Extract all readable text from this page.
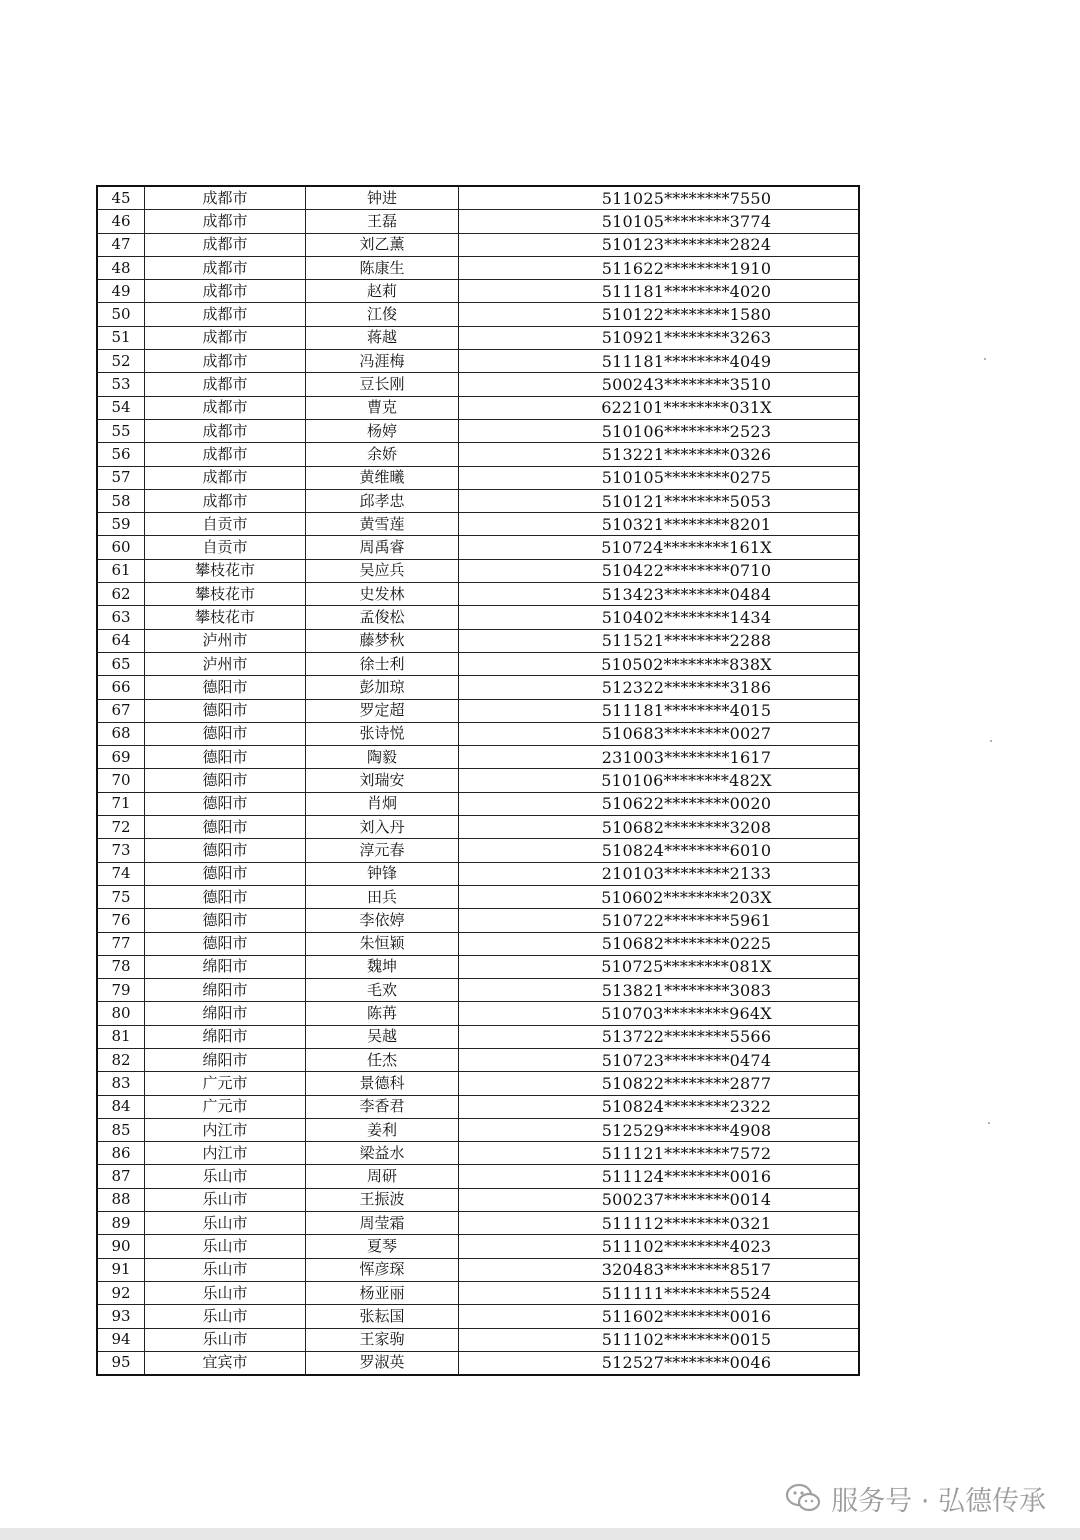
45	成都市	钟进	511025********7550
46	成都市	王磊	510105********3774
47	成都市	刘乙薰	510123********2824
48	成都市	陈康生	511622********1910
49	成都市	赵莉	511181********4020
50	成都市	江俊	510122********1580
51	成都市	蒋越	510921********3263
52	成都市	冯涯梅	511181********4049
53	成都市	豆长刚	500243********3510
54	成都市	曹克	622101********031X
55	成都市	杨婷	510106********2523
56	成都市	余娇	513221********0326
57	成都市	黄维曦	510105********0275
58	成都市	邱孝忠	510121********5053
59	自贡市	黄雪莲	510321********8201
60	自贡市	周禹睿	510724********161X
61	攀枝花市	吴应兵	510422********0710
62	攀枝花市	史发林	513423********0484
63	攀枝花市	孟俊松	510402********1434
64	泸州市	藤梦秋	511521********2288
65	泸州市	徐士利	510502********838X
66	德阳市	彭加琼	512322********3186
67	德阳市	罗定超	511181********4015
68	德阳市	张诗悦	510683********0027
69	德阳市	陶毅	231003********1617
70	德阳市	刘瑞安	510106********482X
71	德阳市	肖炯	510622********0020
72	德阳市	刘入丹	510682********3208
73	德阳市	淳元春	510824********6010
74	德阳市	钟锋	210103********2133
75	德阳市	田兵	510602********203X
76	德阳市	李依婷	510722********5961
77	德阳市	朱恒颖	510682********0225
78	绵阳市	魏坤	510725********081X
79	绵阳市	毛欢	513821********3083
80	绵阳市	陈苒	510703********964X
81	绵阳市	吴越	513722********5566
82	绵阳市	任杰	510723********0474
83	广元市	景德科	510822********2877
84	广元市	李香君	510824********2322
85	内江市	姜利	512529********4908
86	内江市	梁益水	511121********7572
87	乐山市	周研	511124********0016
88	乐山市	王振波	500237********0014
89	乐山市	周莹霜	511112********0321
90	乐山市	夏琴	511102********4023
91	乐山市	恽彦琛	320483********8517
92	乐山市	杨亚丽	511111********5524
93	乐山市	张耘国	511602********0016
94	乐山市	王家驹	511102********0015
95	宜宾市	罗淑英	512527********0046
服务号 · 弘德传承
